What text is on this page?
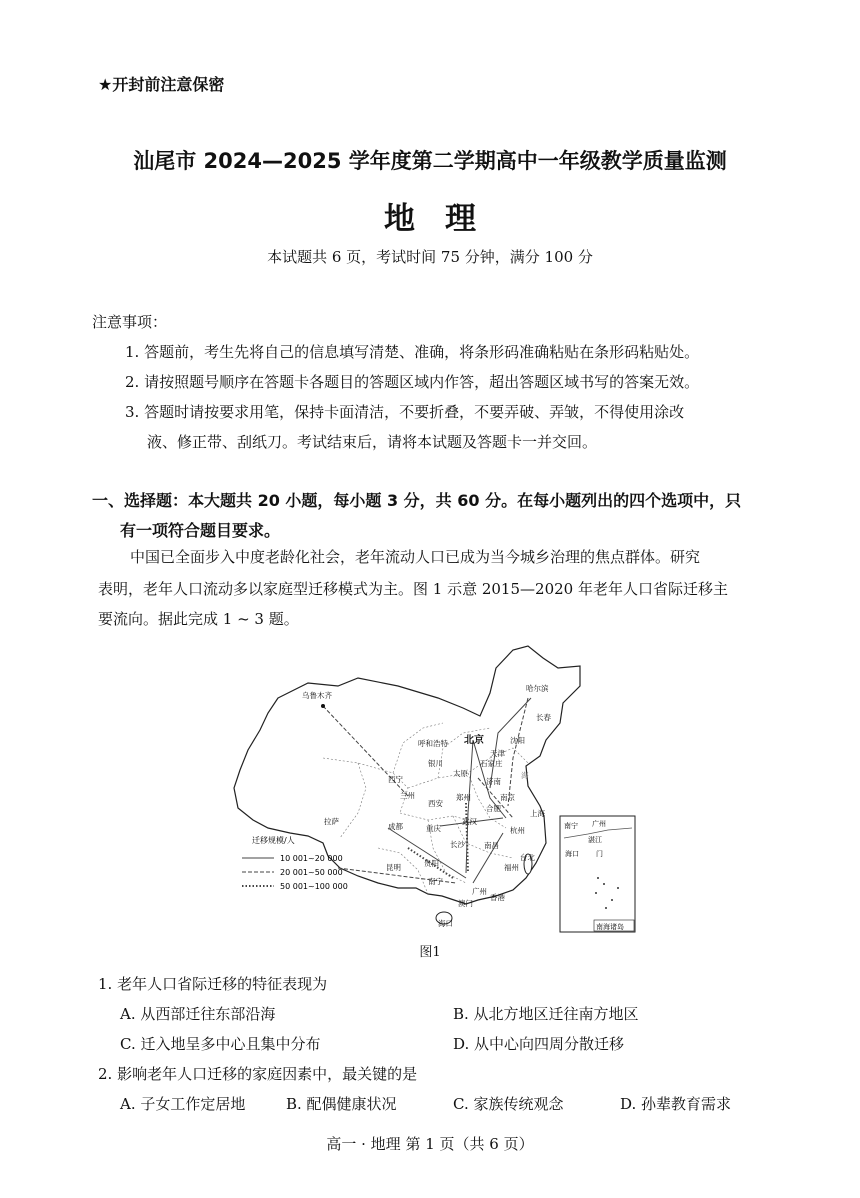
★开封前注意保密
汕尾市 2024—2025 学年度第二学期高中一年级教学质量监测
地理
本试题共 6 页，考试时间 75 分钟，满分 100 分
注意事项：
1. 答题前，考生先将自己的信息填写清楚、准确，将条形码准确粘贴在条形码粘贴处。
2. 请按照题号顺序在答题卡各题目的答题区域内作答，超出答题区域书写的答案无效。
3. 答题时请按要求用笔，保持卡面清洁，不要折叠，不要弄破、弄皱，不得使用涂改
液、修正带、刮纸刀。考试结束后，请将本试题及答题卡一并交回。
一、选择题：本大题共 20 小题，每小题 3 分，共 60 分。在每小题列出的四个选项中，只
有一项符合题目要求。
中国已全面步入中度老龄化社会，老年流动人口已成为当今城乡治理的焦点群体。研究
表明，老年人口流动多以家庭型迁移模式为主。图 1 示意 2015—2020 年老年人口省际迁移主
要流向。据此完成 1 ~ 3 题。
乌鲁木齐
哈尔滨
长春
沈阳
北京
天津
呼和浩特
石家庄
太原
银川
西宁
兰州
济南
西安
郑州	南京
上海
合肥
杭州
武汉
拉萨
成都	重庆
长沙	南昌
福州
台北
贵阳
昆明
南宁
广州
澳门
香港
海口
海
迁移规模/人
10 001~20 000
20 001~50 000
50 001~100 000
南宁 广州
湛江
海口 门
南海诸岛
图1
1. 老年人口省际迁移的特征表现为
A. 从西部迁往东部沿海	B. 从北方地区迁往南方地区
C. 迁入地呈多中心且集中分布	D. 从中心向四周分散迁移
2. 影响老年人口迁移的家庭因素中，最关键的是
A. 子女工作定居地	B. 配偶健康状况	C. 家族传统观念	D. 孙辈教育需求
高一 · 地理 第 1 页（共 6 页）
